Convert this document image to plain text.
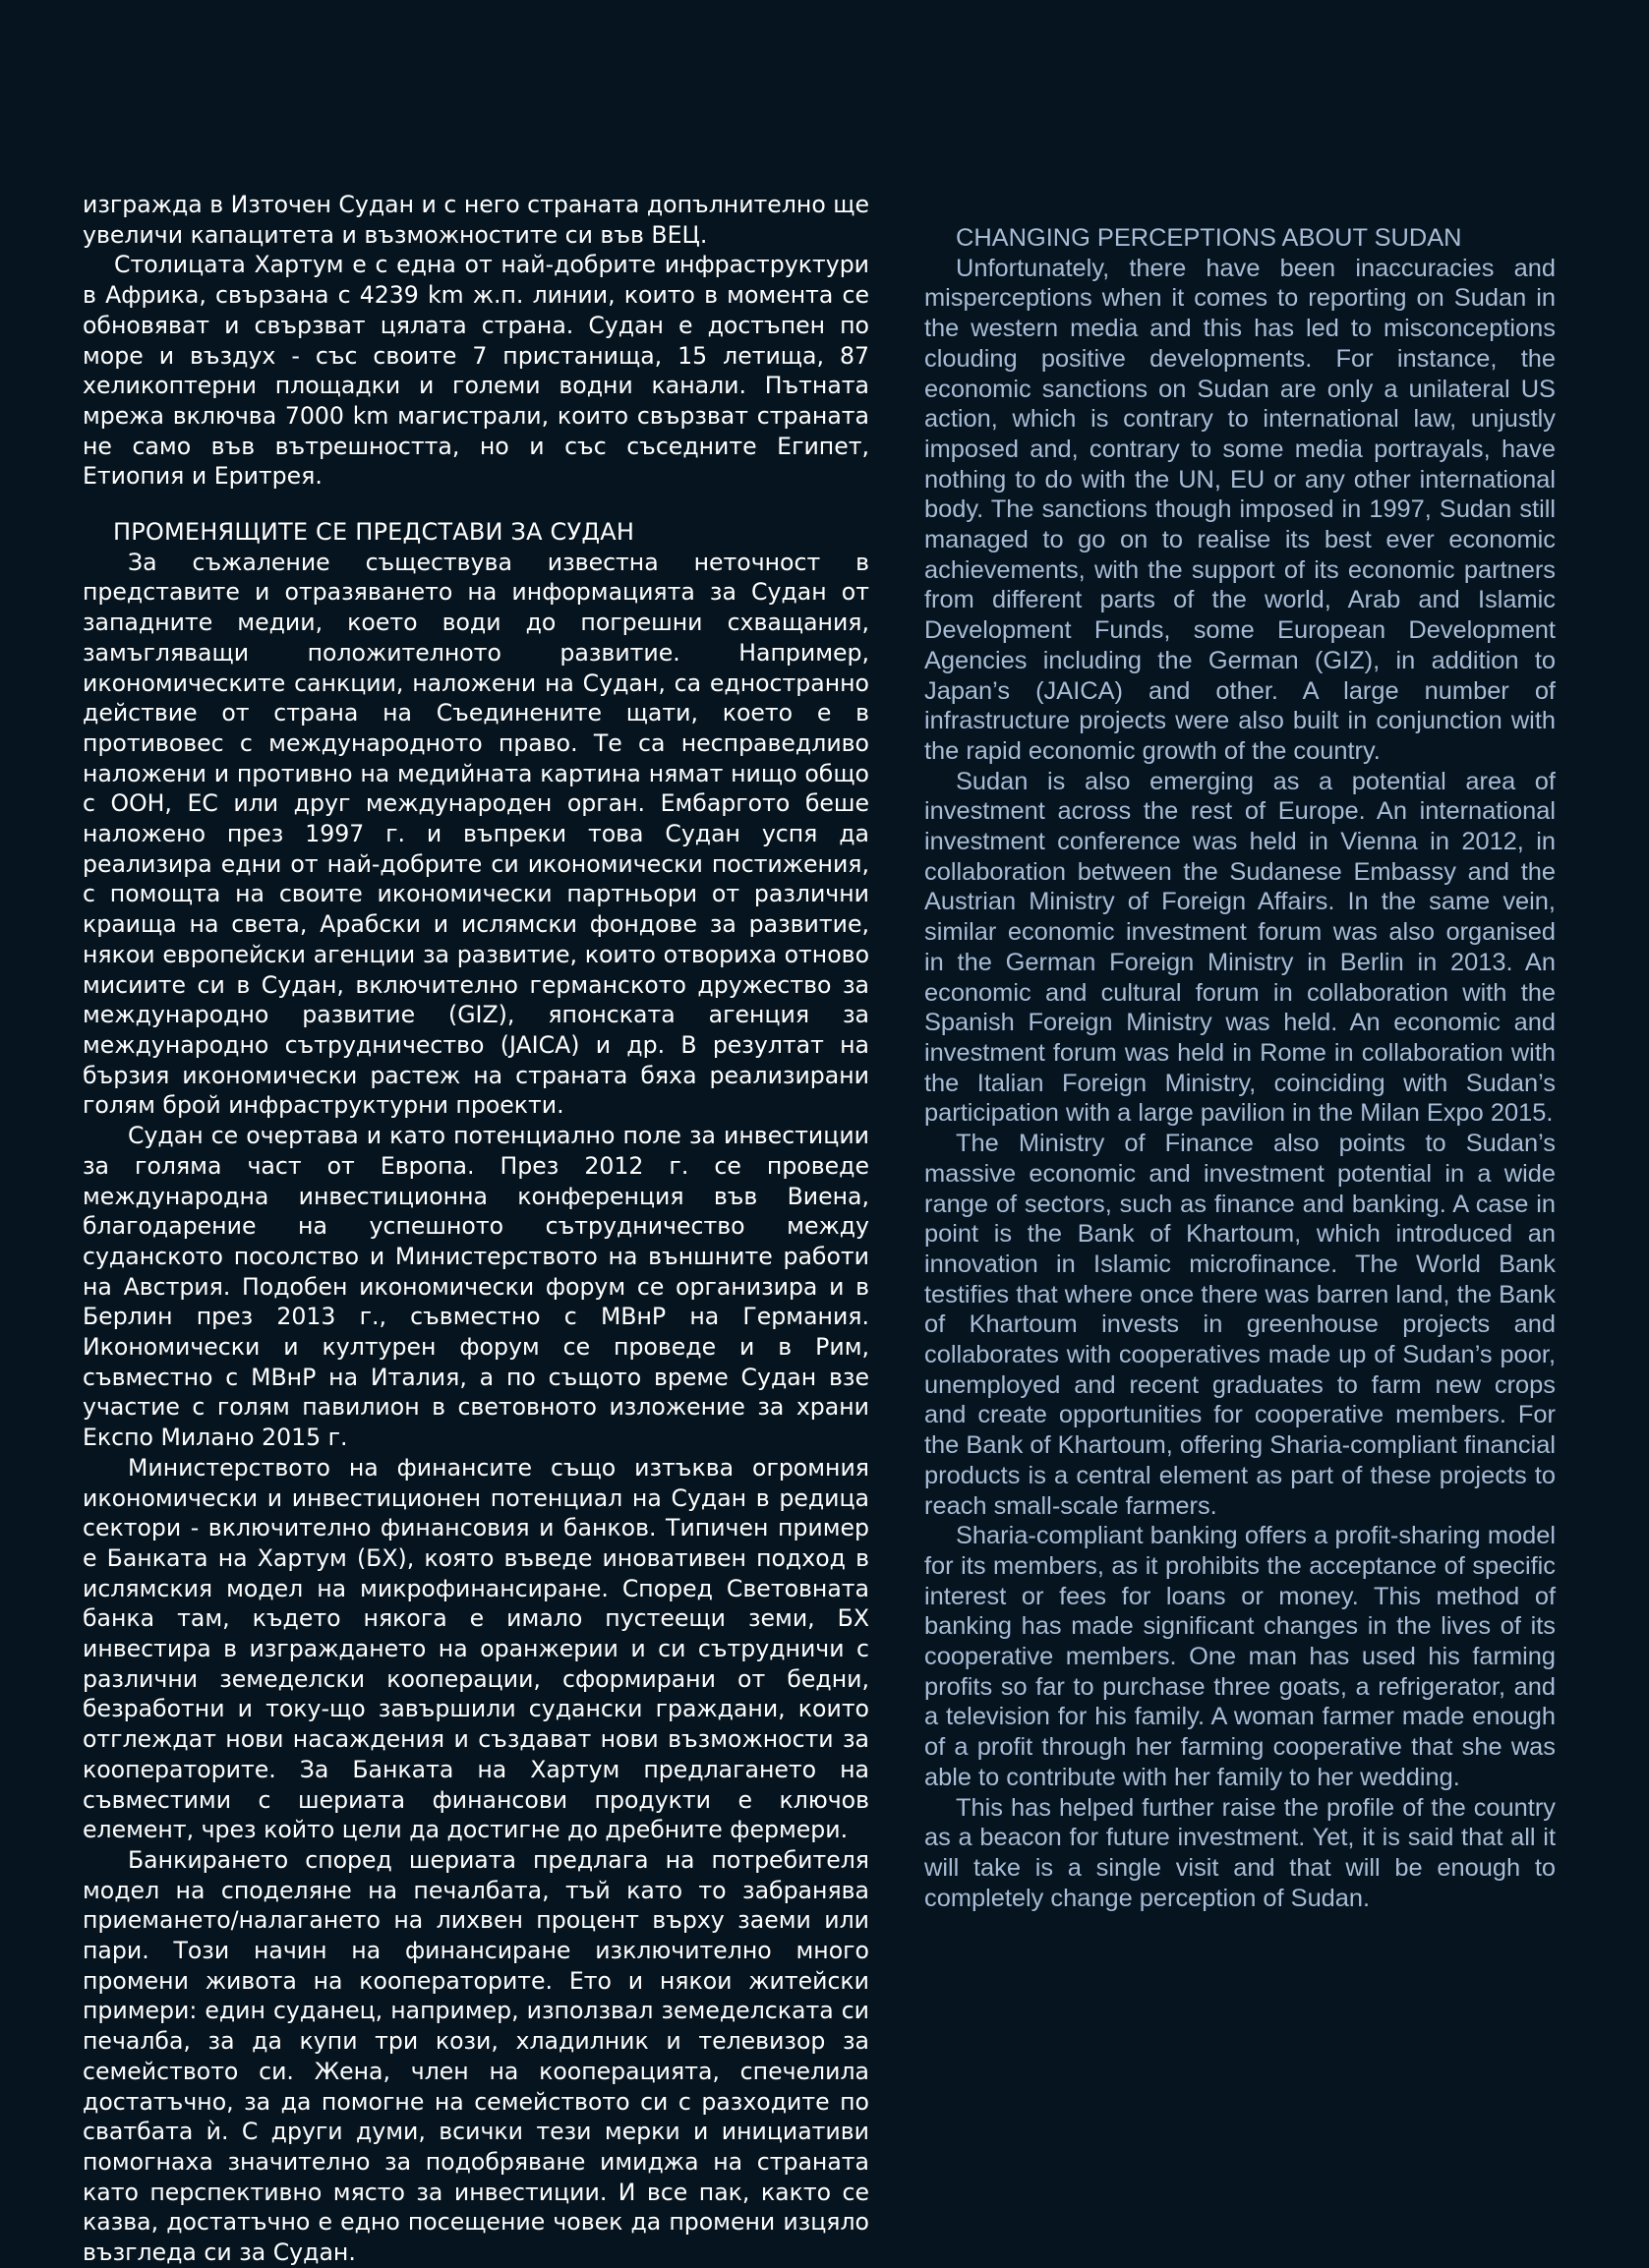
изгражда в Източен Судан и с него страната допълнително ще увеличи капацитета и възможностите си във ВЕЦ.

Столицата Хартум е с една от най-добрите инфраструктури в Африка, свързана с 4239 km ж.п. линии, които в момента се обновяват и свързват цялата страна. Судан е достъпен по море и въздух - със своите 7 пристанища, 15 летища, 87 хеликоптерни площадки и големи водни канали. Пътната мрежа включва 7000 km магистрали, които свързват страната не само във вътрешността, но и със съседните Египет, Етиопия и Еритрея.

ПРОМЕНЯЩИТЕ СЕ ПРЕДСТАВИ ЗА СУДАН

За съжаление съществува известна неточност в представите и отразяването на информацията за Судан от западните медии, което води до погрешни схващания, замъгляващи положителното развитие. Например, икономическите санкции, наложени на Судан, са едностранно действие от страна на Съединените щати, което е в противовес с международното право. Те са несправедливо наложени и противно на медийната картина нямат нищо общо с ООН, ЕС или друг международен орган. Ембаргото беше наложено през 1997 г. и въпреки това Судан успя да реализира едни от най-добрите си икономически постижения, с помощта на своите икономически партньори от различни краища на света, Арабски и ислямски фондове за развитие, някои европейски агенции за развитие, които отвориха отново мисиите си в Судан, включително германското дружество за международно развитие (GIZ), японската агенция за международно сътрудничество (JAICA) и др. В резултат на бързия икономически растеж на страната бяха реализирани голям брой инфраструктурни проекти.

Судан се очертава и като потенциално поле за инвестиции за голяма част от Европа. През 2012 г. се проведе международна инвестиционна конференция във Виена, благодарение на успешното сътрудничество между суданското посолство и Министерството на външните работи на Австрия. Подобен икономически форум се организира и в Берлин през 2013 г., съвместно с МВнР на Германия. Икономически и културен форум се проведе и в Рим, съвместно с МВнР на Италия, а по същото време Судан взе участие с голям павилион в световното изложение за храни Експо Милано 2015 г.

Министерството на финансите също изтъква огромния икономически и инвестиционен потенциал на Судан в редица сектори - включително финансовия и банков. Типичен пример е Банката на Хартум (БХ), която въведе иновативен подход в ислямския модел на микрофинансиране. Според Световната банка там, където някога е имало пустеещи земи, БХ инвестира в изграждането на оранжерии и си сътрудничи с различни земеделски кооперации, сформирани от бедни, безработни и току-що завършили судански граждани, които отглеждат нови насаждения и създават нови възможности за кооператорите. За Банката на Хартум предлагането на съвместими с шериата финансови продукти е ключов елемент, чрез който цели да достигне до дребните фермери.

Банкирането според шериата предлага на потребителя модел на споделяне на печалбата, тъй като то забранява приемането/налагането на лихвен процент върху заеми или пари. Този начин на финансиране изключително много промени живота на кооператорите. Ето и някои житейски примери: един суданец, например, използвал земеделската си печалба, за да купи три кози, хладилник и телевизор за семейството си. Жена, член на кооперацията, спечелила достатъчно, за да помогне на семейството си с разходите по сватбата ѝ. С други думи, всички тези мерки и инициативи помогнаха значително за подобряване имиджа на страната като перспективно място за инвестиции. И все пак, както се казва, достатъчно е едно посещение човек да промени изцяло възгледа си за Судан.

CHANGING PERCEPTIONS ABOUT SUDAN

Unfortunately, there have been inaccuracies and misperceptions when it comes to reporting on Sudan in the western media and this has led to misconceptions clouding positive developments. For instance, the economic sanctions on Sudan are only a unilateral US action, which is contrary to international law, unjustly imposed and, contrary to some media portrayals, have nothing to do with the UN, EU or any other international body. The sanctions though imposed in 1997, Sudan still managed to go on to realise its best ever economic achievements, with the support of its economic partners from different parts of the world, Arab and Islamic Development Funds, some European Development Agencies including the German (GIZ), in addition to Japan’s (JAICA) and other. A large number of infrastructure projects were also built in conjunction with the rapid economic growth of the country.

Sudan is also emerging as a potential area of investment across the rest of Europe. An international investment conference was held in Vienna in 2012, in collaboration between the Sudanese Embassy and the Austrian Ministry of Foreign Affairs. In the same vein, similar economic investment forum was also organised in the German Foreign Ministry in Berlin in 2013. An economic and cultural forum in collaboration with the Spanish Foreign Ministry was held. An economic and investment forum was held in Rome in collaboration with the Italian Foreign Ministry, coinciding with Sudan’s participation with a large pavilion in the Milan Expo 2015.

The Ministry of Finance also points to Sudan’s massive economic and investment potential in a wide range of sectors, such as finance and banking. A case in point is the Bank of Khartoum, which introduced an innovation in Islamic microfinance. The World Bank testifies that where once there was barren land, the Bank of Khartoum invests in greenhouse projects and collaborates with cooperatives made up of Sudan’s poor, unemployed and recent graduates to farm new crops and create opportunities for cooperative members. For the Bank of Khartoum, offering Sharia-compliant financial products is a central element as part of these projects to reach small-scale farmers.

Sharia-compliant banking offers a profit-sharing model for its members, as it prohibits the acceptance of specific interest or fees for loans or money. This method of banking has made significant changes in the lives of its cooperative members. One man has used his farming profits so far to purchase three goats, a refrigerator, and a television for his family. A woman farmer made enough of a profit through her farming cooperative that she was able to contribute with her family to her wedding.

This has helped further raise the profile of the country as a beacon for future investment. Yet, it is said that all it will take is a single visit and that will be enough to completely change perception of Sudan.
